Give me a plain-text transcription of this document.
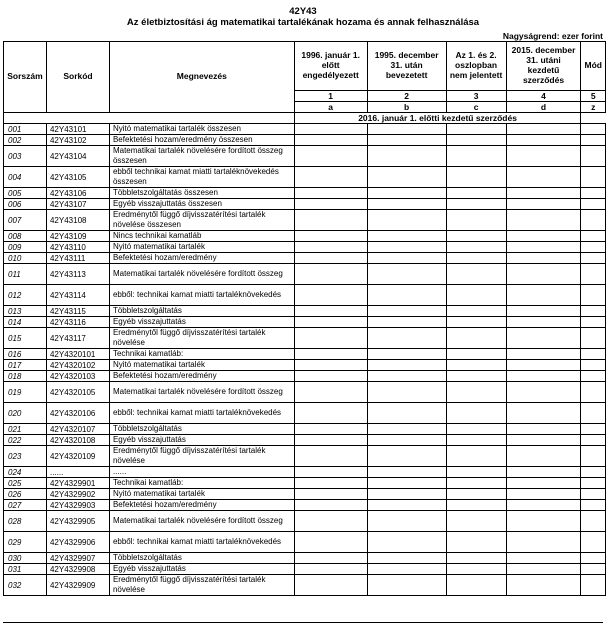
42Y43
Az életbiztosítási ág matematikai tartalékának hozama és annak felhasználása
Nagyságrend: ezer forint
Sorszám	Sorkód	Megnevezés	1996. január 1. előtt engedélyezett	1995. december 31. után bevezetett	Az 1. és 2. oszlopban nem jelentett	2015. december 31. utáni kezdetű szerződés	Mód
			1	2	3	4	5
			a	b	c	d	z
			2016. január 1. előtti kezdetű szerződés				
001	42Y43101	Nyitó matematikai tartalék összesen					
002	42Y43102	Befektetési hozam/eredmény összesen					
003	42Y43104	Matematikai tartalék növelésére fordított összeg összesen					
004	42Y43105	ebből technikai kamat miatti tartaléknövekedés összesen					
005	42Y43106	Többletszolgáltatás összesen					
006	42Y43107	Egyéb visszajuttatás összesen					
007	42Y43108	Eredménytől függő díjvisszatérítési tartalék növelése összesen					
008	42Y43109	Nincs technikai kamatláb					
009	42Y43110	Nyitó matematikai tartalék					
010	42Y43111	Befektetési hozam/eredmény					
011	42Y43113	Matematikai tartalék növelésére fordított összeg					
012	42Y43114	ebből: technikai kamat miatti tartaléknövekedés					
013	42Y43115	Többletszolgáltatás					
014	42Y43116	Egyéb visszajuttatás					
015	42Y43117	Eredménytől függő díjvisszatérítési tartalék növelése					
016	42Y4320101	Technikai kamatláb:					
017	42Y4320102	Nyitó matematikai tartalék					
018	42Y4320103	Befektetési hozam/eredmény					
019	42Y4320105	Matematikai tartalék növelésére fordított összeg					
020	42Y4320106	ebből: technikai kamat miatti tartaléknövekedés					
021	42Y4320107	Többletszolgáltatás					
022	42Y4320108	Egyéb visszajuttatás					
023	42Y4320109	Eredménytől függő díjvisszatérítési tartalék növelése					
024	......	......					
025	42Y4329901	Technikai kamatláb:					
026	42Y4329902	Nyitó matematikai tartalék					
027	42Y4329903	Befektetési hozam/eredmény					
028	42Y4329905	Matematikai tartalék növelésére fordított összeg					
029	42Y4329906	ebből: technikai kamat miatti tartaléknövekedés					
030	42Y4329907	Többletszolgáltatás					
031	42Y4329908	Egyéb visszajuttatás					
032	42Y4329909	Eredménytől függő díjvisszatérítési tartalék növelése					
